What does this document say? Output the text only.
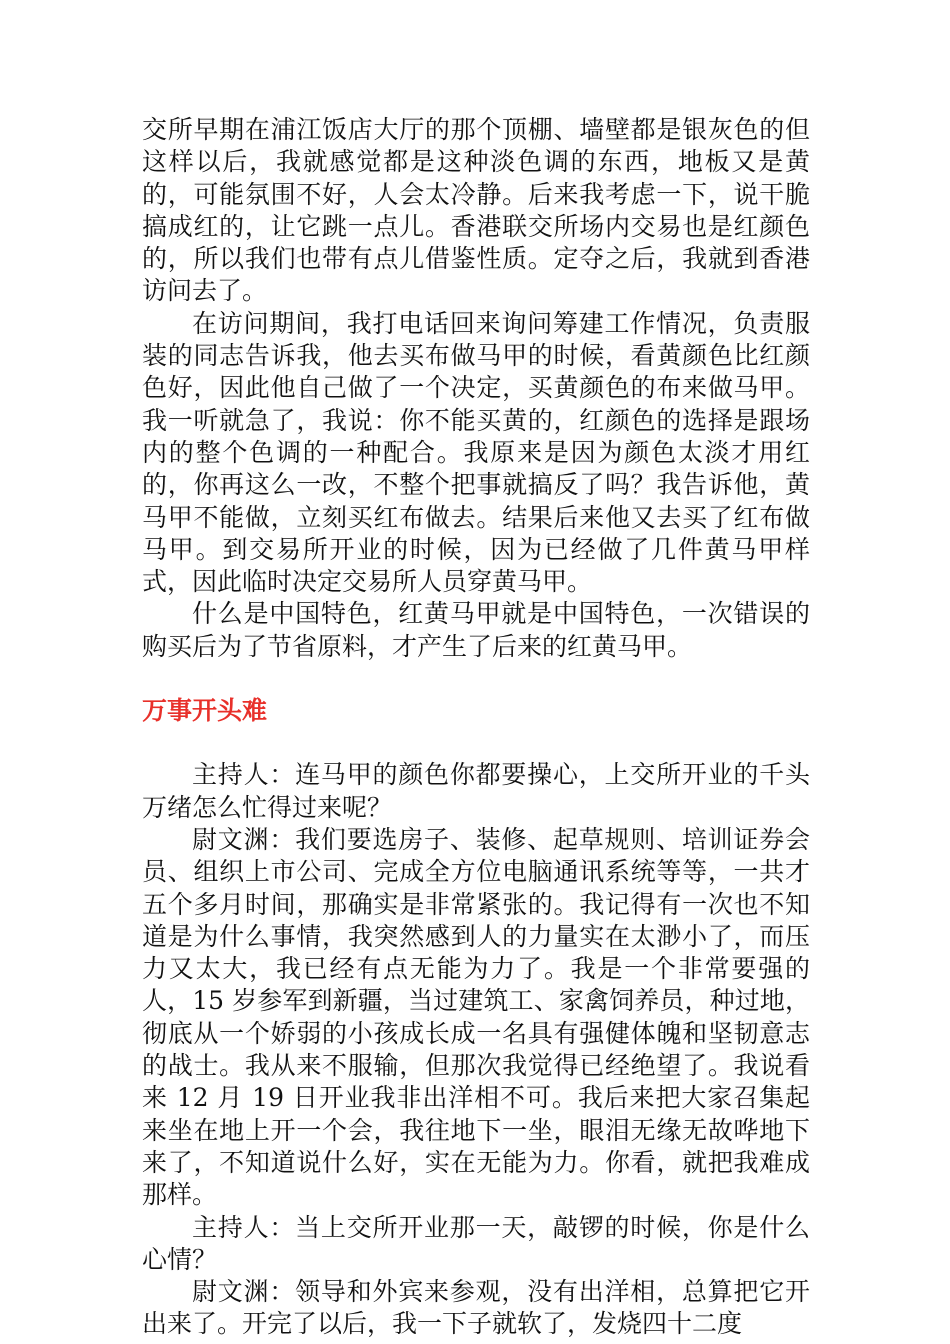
交所早期在浦江饭店大厅的那个顶棚、墙壁都是银灰色的但这样以后，我就感觉都是这种淡色调的东西，地板又是黄的，可能氛围不好，人会太冷静。后来我考虑一下，说干脆搞成红的，让它跳一点儿。香港联交所场内交易也是红颜色的，所以我们也带有点儿借鉴性质。定夺之后，我就到香港访问去了。

在访问期间，我打电话回来询问筹建工作情况，负责服装的同志告诉我，他去买布做马甲的时候，看黄颜色比红颜色好，因此他自己做了一个决定，买黄颜色的布来做马甲。我一听就急了，我说：你不能买黄的，红颜色的选择是跟场内的整个色调的一种配合。我原来是因为颜色太淡才用红的，你再这么一改，不整个把事就搞反了吗？我告诉他，黄马甲不能做，立刻买红布做去。结果后来他又去买了红布做马甲。到交易所开业的时候，因为已经做了几件黄马甲样式，因此临时决定交易所人员穿黄马甲。

什么是中国特色，红黄马甲就是中国特色，一次错误的购买后为了节省原料，才产生了后来的红黄马甲。

万事开头难

主持人：连马甲的颜色你都要操心，上交所开业的千头万绪怎么忙得过来呢？

尉文渊：我们要选房子、装修、起草规则、培训证券会员、组织上市公司、完成全方位电脑通讯系统等等，一共才五个多月时间，那确实是非常紧张的。我记得有一次也不知道是为什么事情，我突然感到人的力量实在太渺小了，而压力又太大，我已经有点无能为力了。我是一个非常要强的人，15 岁参军到新疆，当过建筑工、家禽饲养员，种过地，彻底从一个娇弱的小孩成长成一名具有强健体魄和坚韧意志的战士。我从来不服输，但那次我觉得已经绝望了。我说看来 12 月 19 日开业我非出洋相不可。我后来把大家召集起来坐在地上开一个会，我往地下一坐，眼泪无缘无故哗地下来了，不知道说什么好，实在无能为力。你看，就把我难成那样。

主持人：当上交所开业那一天，敲锣的时候，你是什么心情？

尉文渊：领导和外宾来参观，没有出洋相，总算把它开出来了。开完了以后，我一下子就软了，发烧四十二度
